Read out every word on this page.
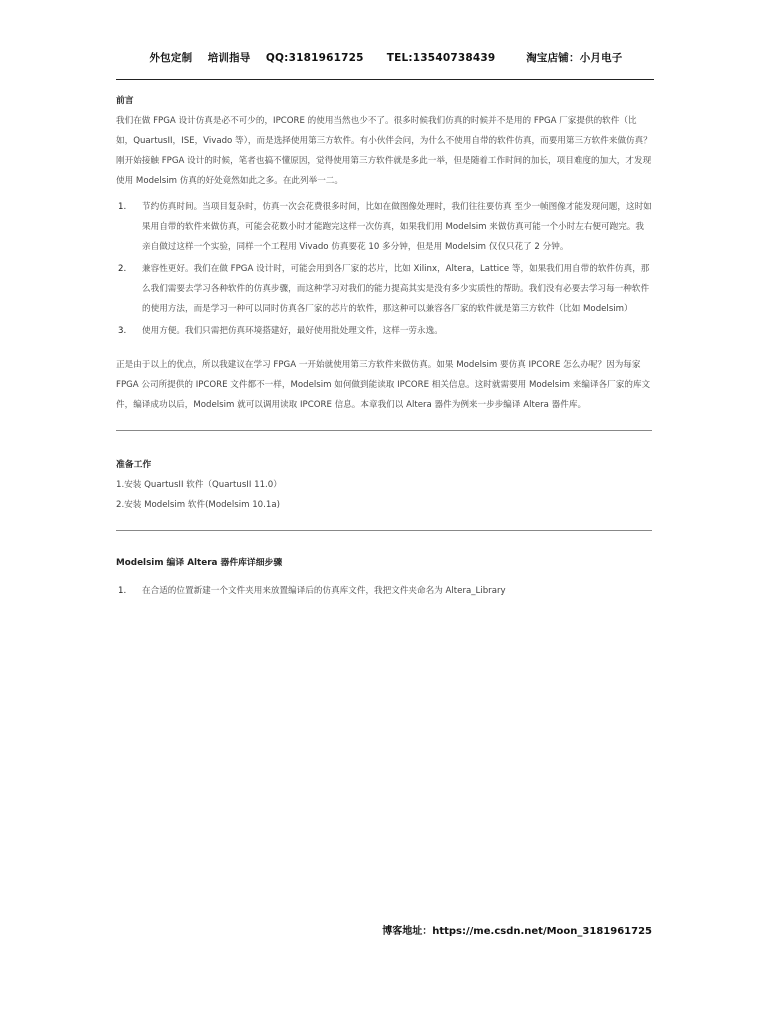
外包定制    培训指导    QQ:3181961725      TEL:13540738439        淘宝店铺：小月电子
前言

我们在做 FPGA 设计仿真是必不可少的，IPCORE 的使用当然也少不了。很多时候我们仿真的时候并不是用的 FPGA 厂家提供的软件（比如，QuartusII，ISE，Vivado 等），而是选择使用第三方软件。有小伙伴会问，为什么不使用自带的软件仿真，而要用第三方软件来做仿真？刚开始接触 FPGA 设计的时候，笔者也搞不懂原因，觉得使用第三方软件就是多此一举，但是随着工作时间的加长，项目难度的加大，才发现使用 Modelsim 仿真的好处竟然如此之多。在此列举一二。

1. 节约仿真时间。当项目复杂时，仿真一次会花费很多时间，比如在做图像处理时，我们往往要仿真 至少一帧图像才能发现问题，这时如果用自带的软件来做仿真，可能会花数小时才能跑完这样一次仿真，如果我们用 Modelsim 来做仿真可能一个小时左右便可跑完。我亲自做过这样一个实验，同样一个工程用 Vivado 仿真要花 10 多分钟，但是用 Modelsim 仅仅只花了 2 分钟。
2. 兼容性更好。我们在做 FPGA 设计时，可能会用到各厂家的芯片，比如 Xilinx，Altera，Lattice 等，如果我们用自带的软件仿真，那么我们需要去学习各种软件的仿真步骤，而这种学习对我们的能力提高其实是没有多少实质性的帮助。我们没有必要去学习每一种软件的使用方法，而是学习一种可以同时仿真各厂家的芯片的软件，那这种可以兼容各厂家的软件就是第三方软件（比如 Modelsim）
3. 使用方便。我们只需把仿真环境搭建好，最好使用批处理文件，这样一劳永逸。

正是由于以上的优点，所以我建议在学习 FPGA 一开始就使用第三方软件来做仿真。如果 Modelsim 要仿真 IPCORE 怎么办呢？因为每家 FPGA 公司所提供的 IPCORE 文件都不一样，Modelsim 如何做到能读取 IPCORE 相关信息。这时就需要用 Modelsim 来编译各厂家的库文件，编译成功以后，Modelsim 就可以调用读取 IPCORE 信息。本章我们以 Altera 器件为例来一步步编译 Altera 器件库。

准备工作

1.安装 QuartusII 软件（QuartusII 11.0）

2.安装 Modelsim 软件(Modelsim 10.1a)

Modelsim 编译 Altera 器件库详细步骤
1. 在合适的位置新建一个文件夹用来放置编译后的仿真库文件，我把文件夹命名为 Altera_Library
博客地址：https://me.csdn.net/Moon_3181961725
